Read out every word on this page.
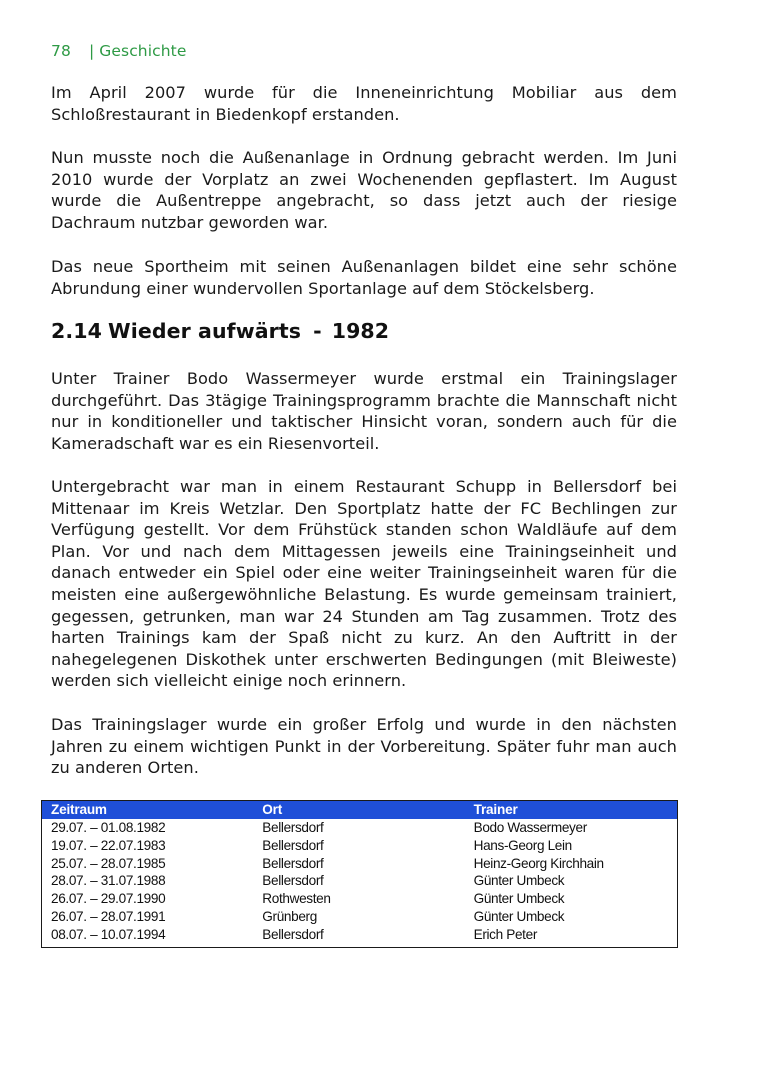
78 | Geschichte

Im April 2007 wurde für die Inneneinrichtung Mobiliar aus dem Schloßrestaurant in Biedenkopf erstanden.

Nun musste noch die Außenanlage in Ordnung gebracht werden. Im Juni 2010 wurde der Vorplatz an zwei Wochenenden gepflastert. Im August wurde die Außentreppe angebracht, so dass jetzt auch der riesige Dachraum nutzbar geworden war.

Das neue Sportheim mit seinen Außenanlagen bildet eine sehr schöne Abrundung einer wundervollen Sportanlage auf dem Stöckelsberg.

2.14 Wieder aufwärts - 1982

Unter Trainer Bodo Wassermeyer wurde erstmal ein Trainingslager durchgeführt. Das 3tägige Trainingsprogramm brachte die Mannschaft nicht nur in konditioneller und taktischer Hinsicht voran, sondern auch für die Kameradschaft war es ein Riesenvorteil.

Untergebracht war man in einem Restaurant Schupp in Bellersdorf bei Mittenaar im Kreis Wetzlar. Den Sportplatz hatte der FC Bechlingen zur Verfügung gestellt. Vor dem Frühstück standen schon Waldläufe auf dem Plan. Vor und nach dem Mittagessen jeweils eine Trainingseinheit und danach entweder ein Spiel oder eine weiter Trainingseinheit waren für die meisten eine außergewöhnliche Belastung. Es wurde gemeinsam trainiert, gegessen, getrunken, man war 24 Stunden am Tag zusammen. Trotz des harten Trainings kam der Spaß nicht zu kurz. An den Auftritt in der nahegelegenen Diskothek unter erschwerten Bedingungen (mit Bleiweste) werden sich vielleicht einige noch erinnern.

Das Trainingslager wurde ein großer Erfolg und wurde in den nächsten Jahren zu einem wichtigen Punkt in der Vorbereitung. Später fuhr man auch zu anderen Orten.

Zeitraum	Ort	Trainer
29.07. – 01.08.1982	Bellersdorf	Bodo Wassermeyer
19.07. – 22.07.1983	Bellersdorf	Hans-Georg Lein
25.07. – 28.07.1985	Bellersdorf	Heinz-Georg Kirchhain
28.07. – 31.07.1988	Bellersdorf	Günter Umbeck
26.07. – 29.07.1990	Rothwesten	Günter Umbeck
26.07. – 28.07.1991	Grünberg	Günter Umbeck
08.07. – 10.07.1994	Bellersdorf	Erich Peter
